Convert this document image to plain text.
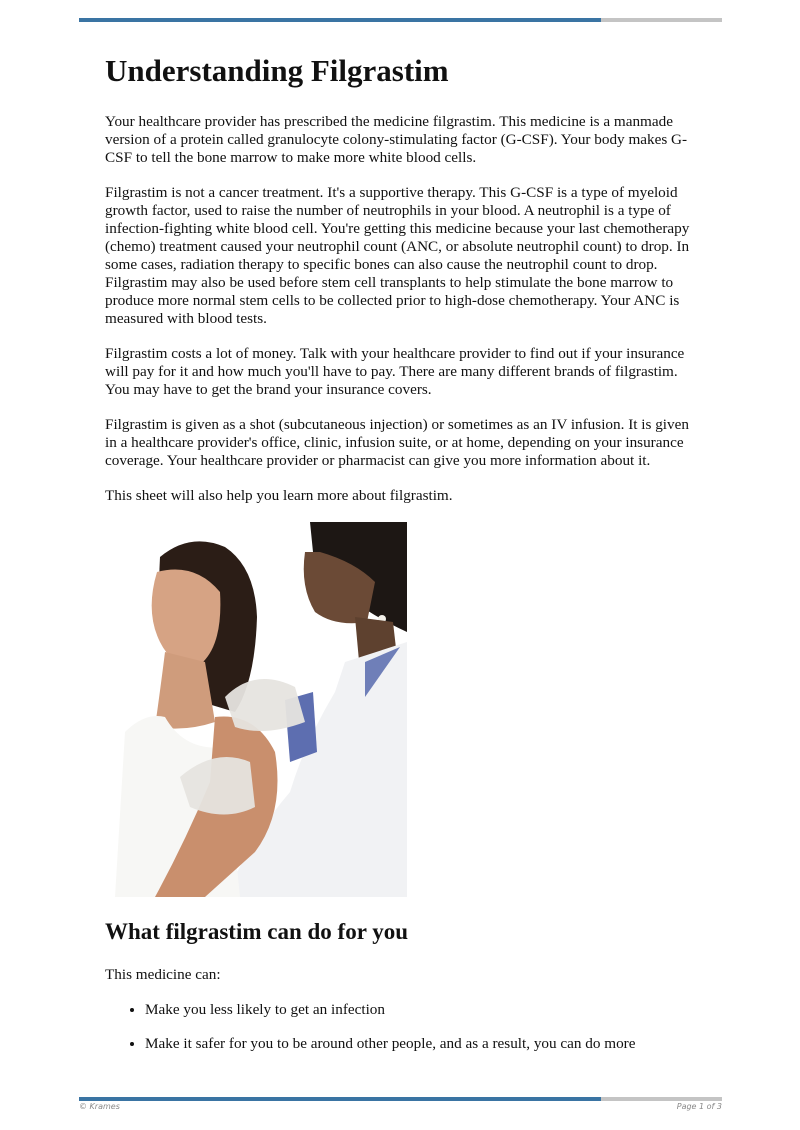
Understanding Filgrastim

Your healthcare provider has prescribed the medicine filgrastim. This medicine is a manmade version of a protein called granulocyte colony-stimulating factor (G-CSF). Your body makes G-CSF to tell the bone marrow to make more white blood cells.

Filgrastim is not a cancer treatment. It's a supportive therapy. This G-CSF is a type of myeloid growth factor, used to raise the number of neutrophils in your blood. A neutrophil is a type of infection-fighting white blood cell. You're getting this medicine because your last chemotherapy (chemo) treatment caused your neutrophil count (ANC, or absolute neutrophil count) to drop. In some cases, radiation therapy to specific bones can also cause the neutrophil count to drop. Filgrastim may also be used before stem cell transplants to help stimulate the bone marrow to produce more normal stem cells to be collected prior to high-dose chemotherapy. Your ANC is measured with blood tests.

Filgrastim costs a lot of money. Talk with your healthcare provider to find out if your insurance will pay for it and how much you'll have to pay. There are many different brands of filgrastim. You may have to get the brand your insurance covers.

Filgrastim is given as a shot (subcutaneous injection) or sometimes as an IV infusion. It is given in a healthcare provider's office, clinic, infusion suite, or at home, depending on your insurance coverage. Your healthcare provider or pharmacist can give you more information about it.

This sheet will also help you learn more about filgrastim.

What filgrastim can do for you

This medicine can:

• Make you less likely to get an infection
• Make it safer for you to be around other people, and as a result, you can do more
© Krames	Page 1 of 3
